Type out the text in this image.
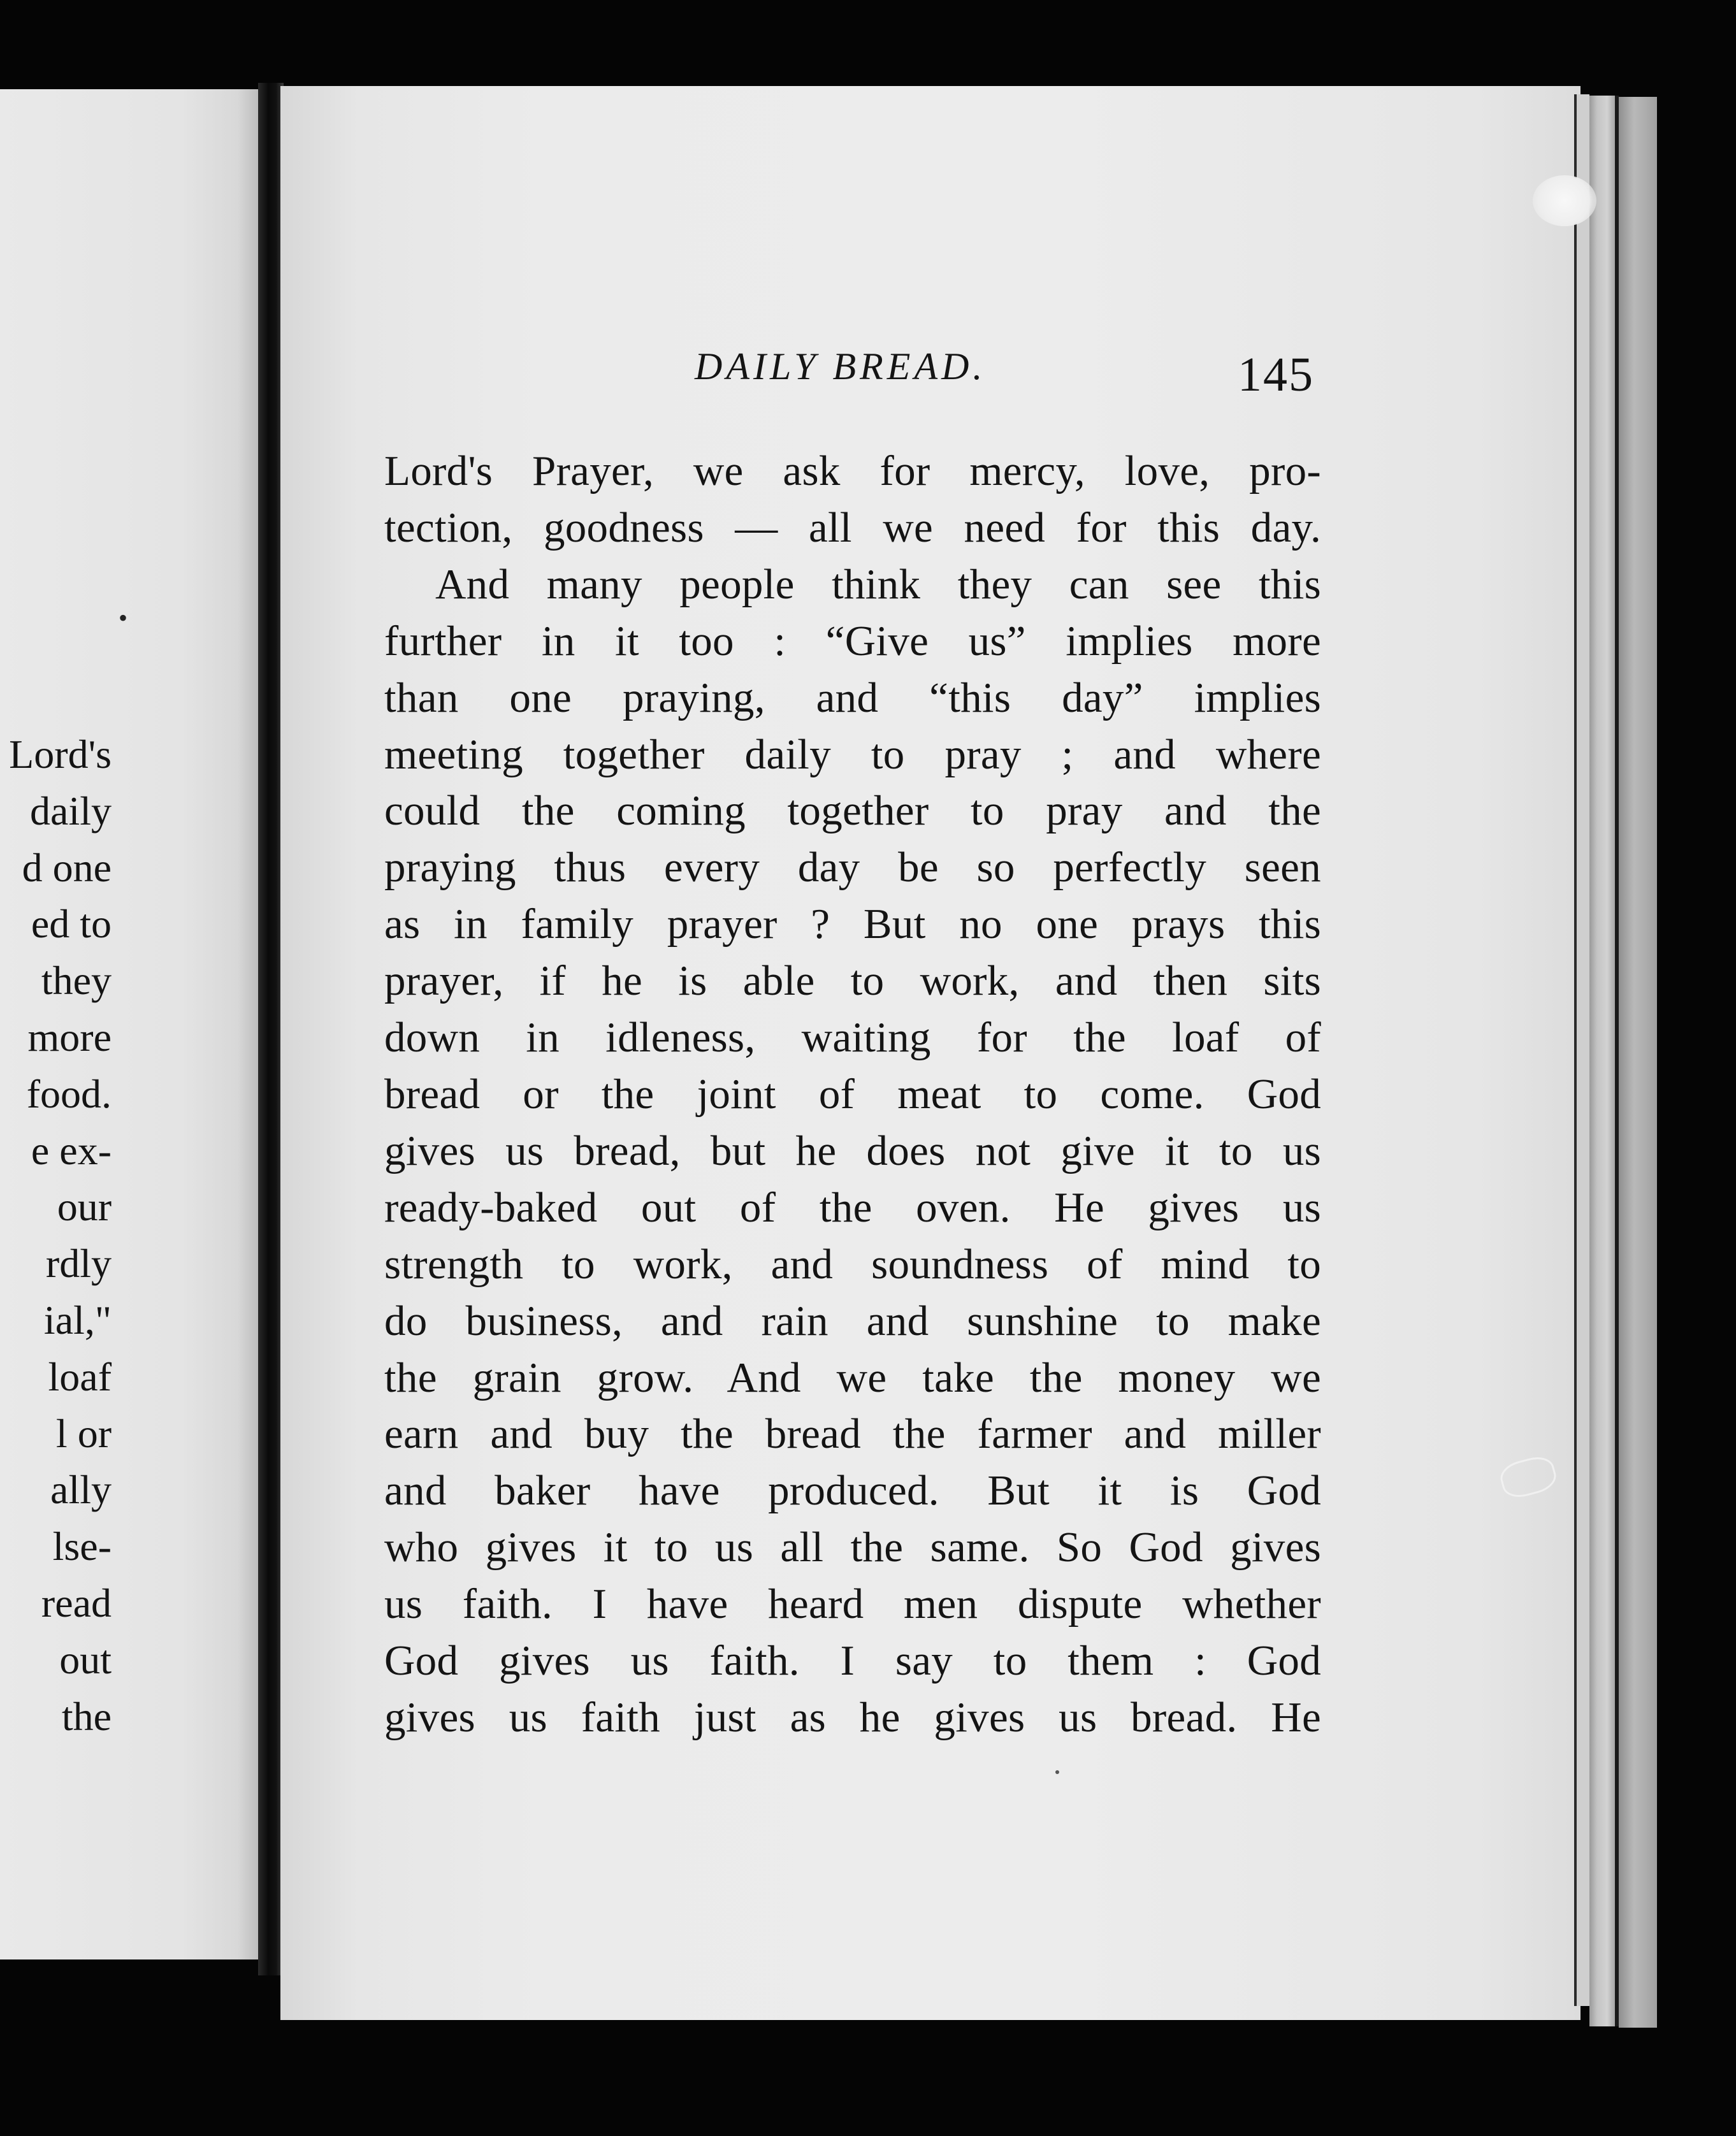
•
Lord's
daily
d one
ed to
they
more
food.
e ex-
our
rdly
ial,"
loaf
l or
ally
lse-
read
out
the
DAILY BREAD.	145
Lord's Prayer, we ask for mercy, love, pro-
tection, goodness — all we need for this day.
And many people think they can see this
further in it too : “Give us” implies more
than one praying, and “this day” implies
meeting together daily to pray ; and where
could the coming together to pray and the
praying thus every day be so perfectly seen
as in family prayer ? But no one prays this
prayer, if he is able to work, and then sits
down in idleness, waiting for the loaf of
bread or the joint of meat to come. God
gives us bread, but he does not give it to us
ready-baked out of the oven. He gives us
strength to work, and soundness of mind to
do business, and rain and sunshine to make
the grain grow. And we take the money we
earn and buy the bread the farmer and miller
and baker have produced. But it is God
who gives it to us all the same. So God gives
us faith. I have heard men dispute whether
God gives us faith. I say to them : God
gives us faith just as he gives us bread. He
